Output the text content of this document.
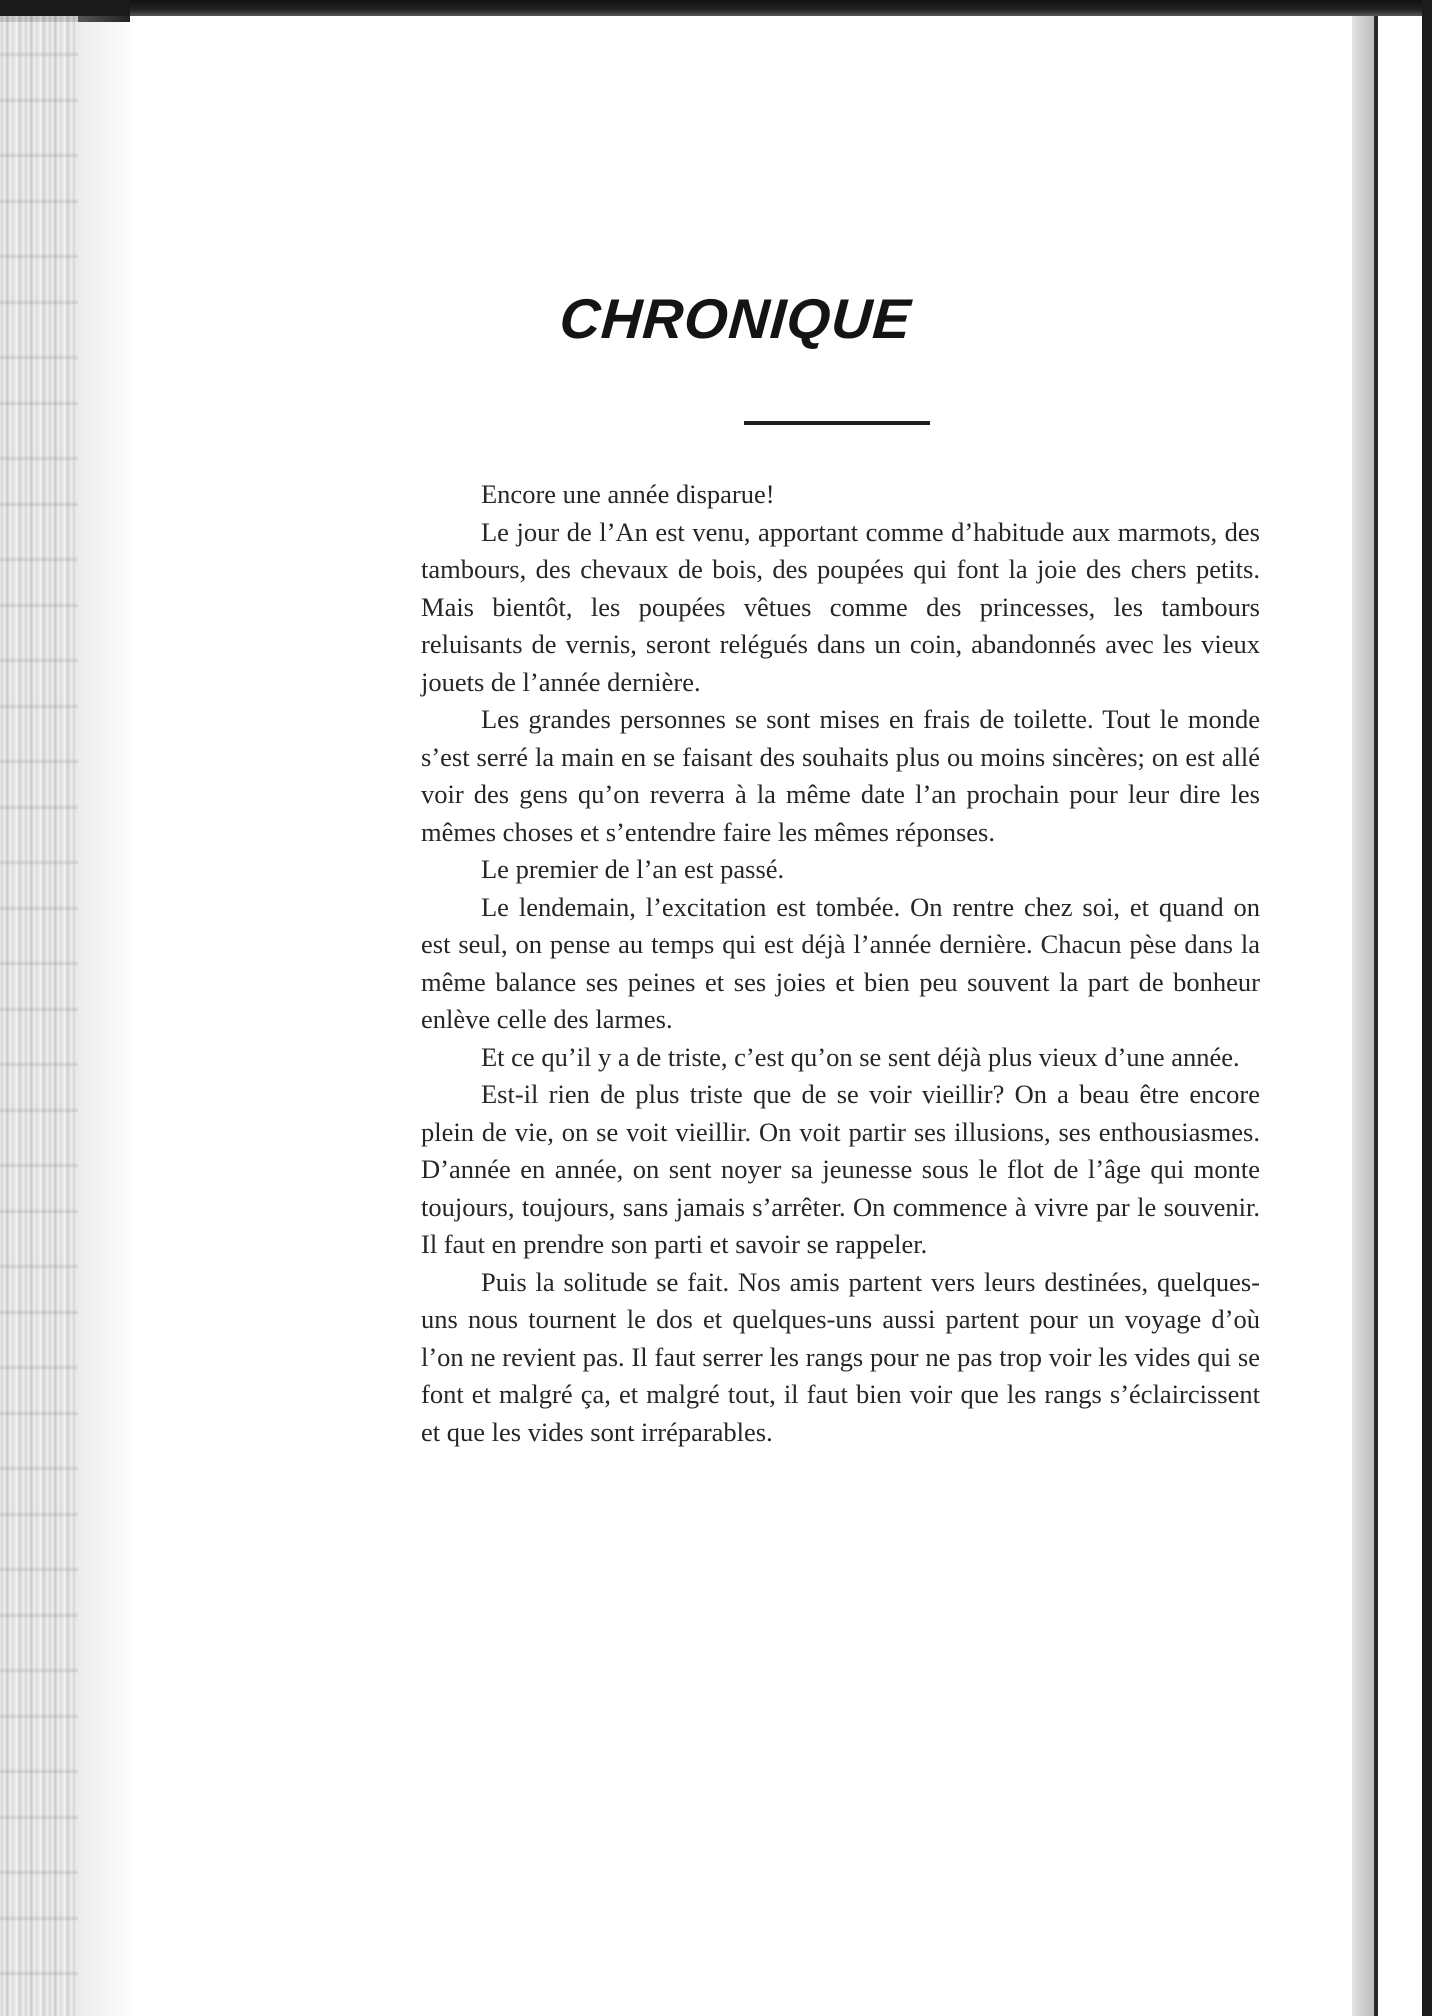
CHRONIQUE

Encore une année disparue!

Le jour de l’An est venu, apportant comme d’habitude aux marmots, des tambours, des chevaux de bois, des poupées qui font la joie des chers petits. Mais bientôt, les poupées vêtues comme des princesses, les tambours reluisants de vernis, seront relégués dans un coin, abandonnés avec les vieux jouets de l’année dernière.

Les grandes personnes se sont mises en frais de toilette. Tout le monde s’est serré la main en se faisant des souhaits plus ou moins sincères; on est allé voir des gens qu’on reverra à la même date l’an prochain pour leur dire les mêmes choses et s’entendre faire les mêmes réponses.

Le premier de l’an est passé.

Le lendemain, l’excitation est tombée. On rentre chez soi, et quand on est seul, on pense au temps qui est déjà l’année dernière. Chacun pèse dans la même balance ses peines et ses joies et bien peu souvent la part de bonheur enlève celle des larmes.

Et ce qu’il y a de triste, c’est qu’on se sent déjà plus vieux d’une année.

Est-il rien de plus triste que de se voir vieillir? On a beau être encore plein de vie, on se voit vieillir. On voit partir ses illusions, ses enthousiasmes. D’année en année, on sent noyer sa jeunesse sous le flot de l’âge qui monte toujours, toujours, sans jamais s’arrêter. On commence à vivre par le souvenir. Il faut en prendre son parti et savoir se rappeler.

Puis la solitude se fait. Nos amis partent vers leurs destinées, quelques-uns nous tournent le dos et quelques-uns aussi partent pour un voyage d’où l’on ne revient pas. Il faut serrer les rangs pour ne pas trop voir les vides qui se font et malgré ça, et malgré tout, il faut bien voir que les rangs s’éclaircissent et que les vides sont irréparables.
